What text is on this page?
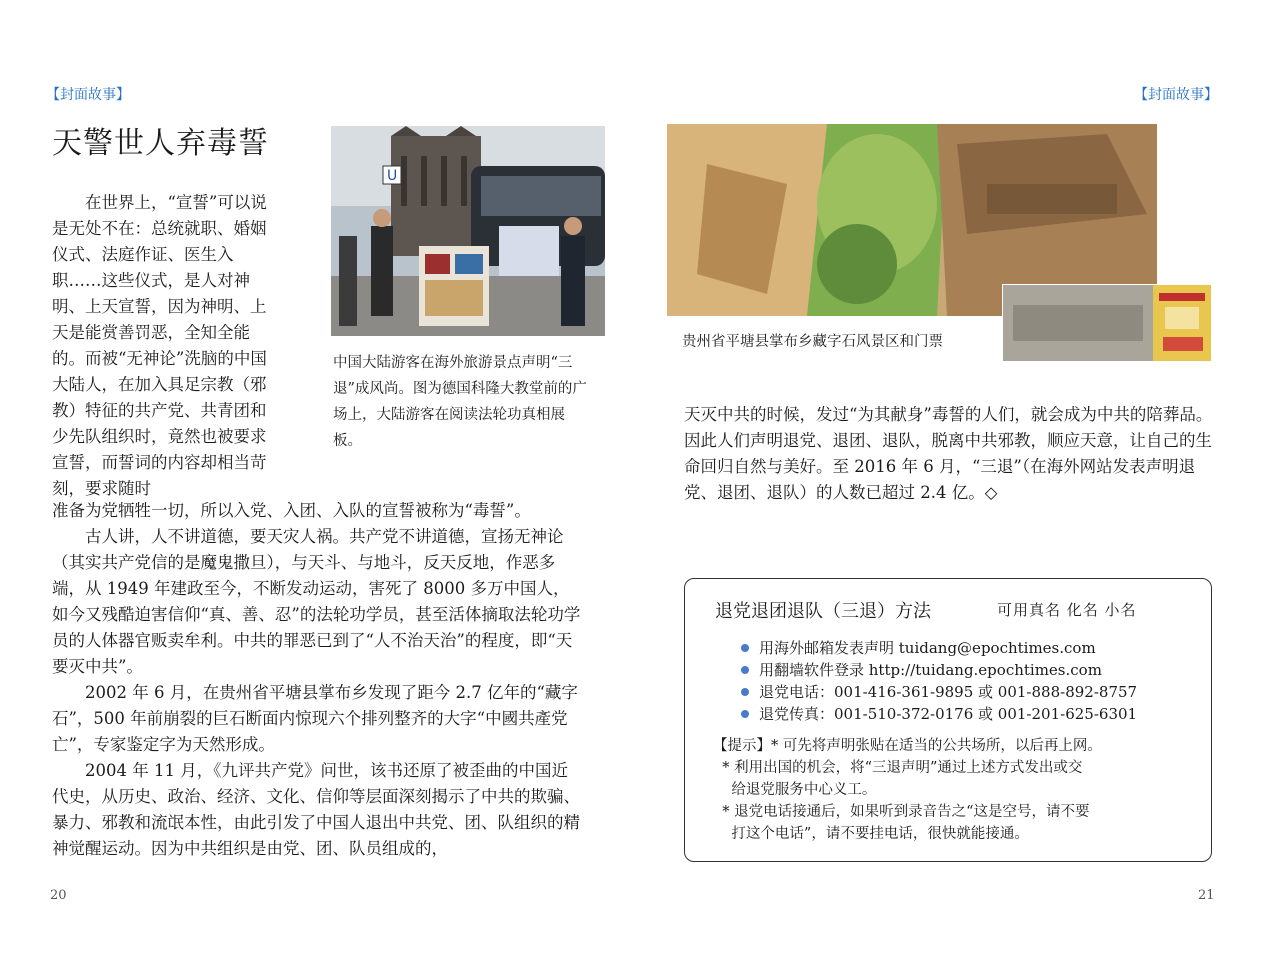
【封面故事】	【封面故事】
天警世人弃毒誓

在世界上，“宣誓”可以说是无处不在：总统就职、婚姻仪式、法庭作证、医生入职……这些仪式，是人对神明、上天宣誓，因为神明、上天是能赏善罚恶，全知全能的。而被“无神论”洗脑的中国大陆人，在加入具足宗教（邪教）特征的共产党、共青团和少先队组织时，竟然也被要求宣誓，而誓词的内容却相当苛刻，要求随时

准备为党牺牲一切，所以入党、入团、入队的宣誓被称为“毒誓”。

古人讲，人不讲道德，要天灾人祸。共产党不讲道德，宣扬无神论（其实共产党信的是魔鬼撒旦），与天斗、与地斗，反天反地，作恶多端，从 1949 年建政至今，不断发动运动，害死了 8000 多万中国人，如今又残酷迫害信仰“真、善、忍”的法轮功学员，甚至活体摘取法轮功学员的人体器官贩卖牟利。中共的罪恶已到了“人不治天治”的程度，即“天要灭中共”。

2002 年 6 月，在贵州省平塘县掌布乡发现了距今 2.7 亿年的“藏字石”，500 年前崩裂的巨石断面内惊现六个排列整齐的大字“中國共產党亡”，专家鉴定字为天然形成。

2004 年 11 月，《九评共产党》问世，该书还原了被歪曲的中国近代史，从历史、政治、经济、文化、信仰等层面深刻揭示了中共的欺骗、暴力、邪教和流氓本性，由此引发了中国人退出中共党、团、队组织的精神觉醒运动。因为中共组织是由党、团、队员组成的，

U
中国大陆游客在海外旅游景点声明“三退”成风尚。图为德国科隆大教堂前的广场上，大陆游客在阅读法轮功真相展板。
贵州省平塘县掌布乡藏字石风景区和门票

天灭中共的时候，发过“为其献身”毒誓的人们，就会成为中共的陪葬品。因此人们声明退党、退团、退队，脱离中共邪教，顺应天意，让自己的生命回归自然与美好。至 2016 年 6 月，“三退”（在海外网站发表声明退党、退团、退队）的人数已超过 2.4 亿。◇

退党退团退队（三退）方法	可用真名 化名 小名
用海外邮箱发表声明 tuidang@epochtimes.com
用翻墙软件登录 http://tuidang.epochtimes.com
退党电话：001-416-361-9895 或 001-888-892-8757
退党传真：001-510-372-0176 或 001-201-625-6301
【提示】* 可先将声明张贴在适当的公共场所，以后再上网。
* 利用出国的机会，将“三退声明”通过上述方式发出或交
给退党服务中心义工。
* 退党电话接通后，如果听到录音告之“这是空号，请不要
打这个电话”，请不要挂电话，很快就能接通。
20	21
